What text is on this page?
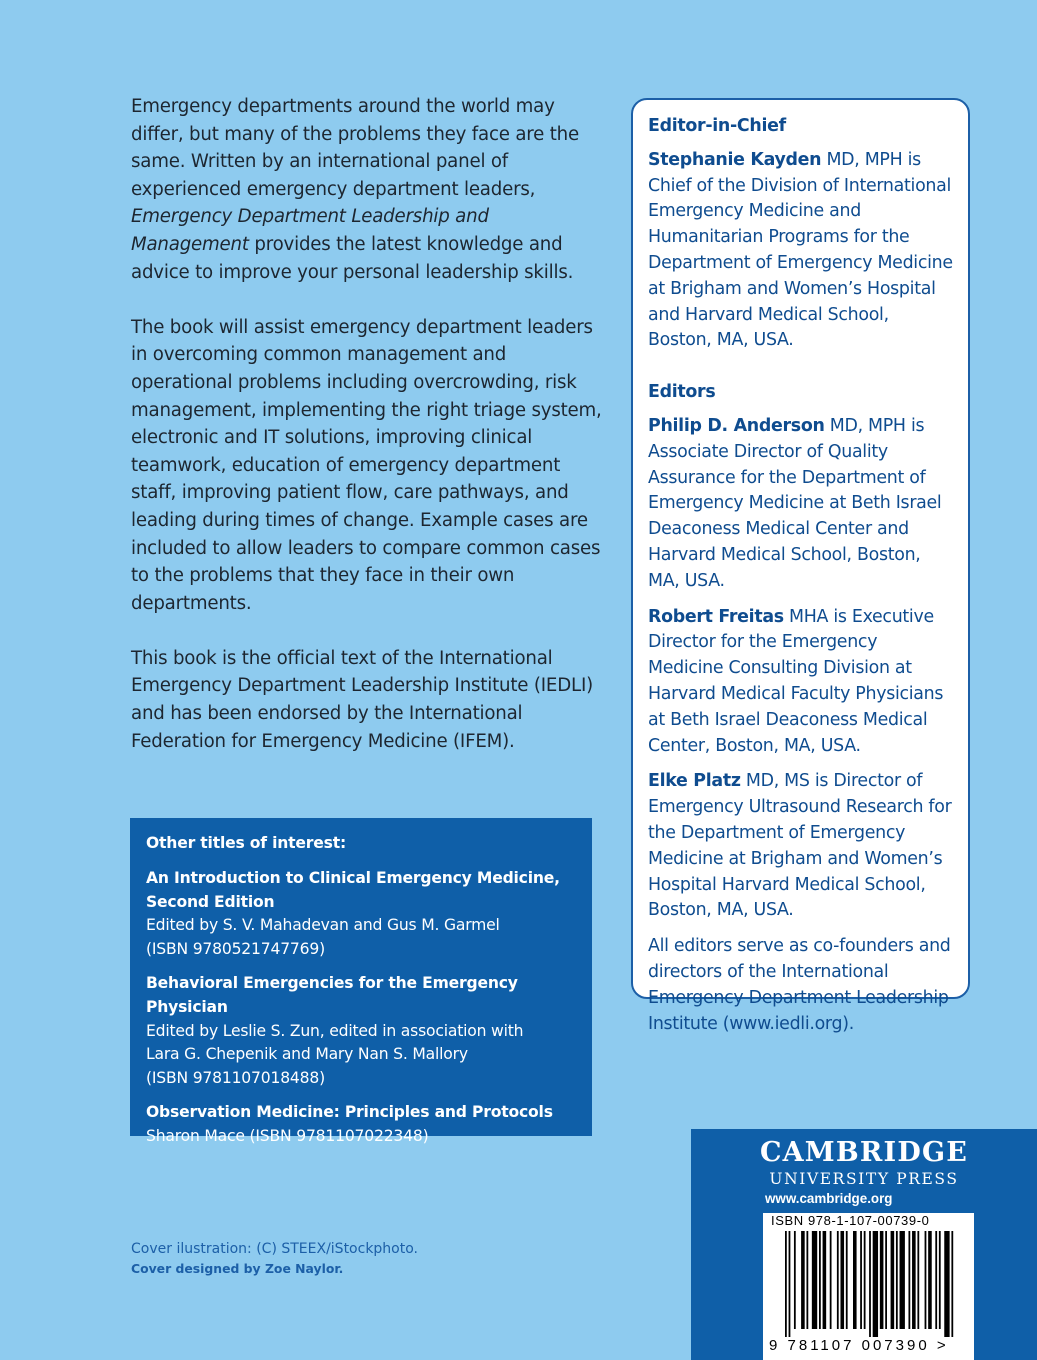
Emergency departments around the world may differ, but many of the problems they face are the same. Written by an international panel of experienced emergency department leaders, Emergency Department Leadership and Management provides the latest knowledge and advice to improve your personal leadership skills.

The book will assist emergency department leaders in overcoming common management and operational problems including overcrowding, risk management, implementing the right triage system, electronic and IT solutions, improving clinical teamwork, education of emergency department staff, improving patient flow, care pathways, and leading during times of change. Example cases are included to allow leaders to compare common cases to the problems that they face in their own departments.

This book is the official text of the International Emergency Department Leadership Institute (IEDLI) and has been endorsed by the International Federation for Emergency Medicine (IFEM).

Editor-in-Chief

Stephanie Kayden MD, MPH is Chief of the Division of International Emergency Medicine and Humanitarian Programs for the Department of Emergency Medicine at Brigham and Women’s Hospital and Harvard Medical School, Boston, MA, USA.

Editors

Philip D. Anderson MD, MPH is Associate Director of Quality Assurance for the Department of Emergency Medicine at Beth Israel Deaconess Medical Center and Harvard Medical School, Boston, MA, USA.

Robert Freitas MHA is Executive Director for the Emergency Medicine Consulting Division at Harvard Medical Faculty Physicians at Beth Israel Deaconess Medical Center, Boston, MA, USA.

Elke Platz MD, MS is Director of Emergency Ultrasound Research for the Department of Emergency Medicine at Brigham and Women’s Hospital Harvard Medical School, Boston, MA, USA.

All editors serve as co-founders and directors of the International Emergency Department Leadership Institute (www.iedli.org).

Other titles of interest:
An Introduction to Clinical Emergency Medicine,
Second Edition
Edited by S. V. Mahadevan and Gus M. Garmel
(ISBN 9780521747769)
Behavioral Emergencies for the Emergency Physician
Edited by Leslie S. Zun, edited in association with
Lara G. Chepenik and Mary Nan S. Mallory
(ISBN 9781107018488)
Observation Medicine: Principles and Protocols
Sharon Mace (ISBN 9781107022348)
Cover ilustration: (C) STEEX/iStockphoto.
Cover designed by Zoe Naylor.
CAMBRIDGE
UNIVERSITY PRESS
www.cambridge.org
ISBN 978-1-107-00739-0
9 781107 007390 >
